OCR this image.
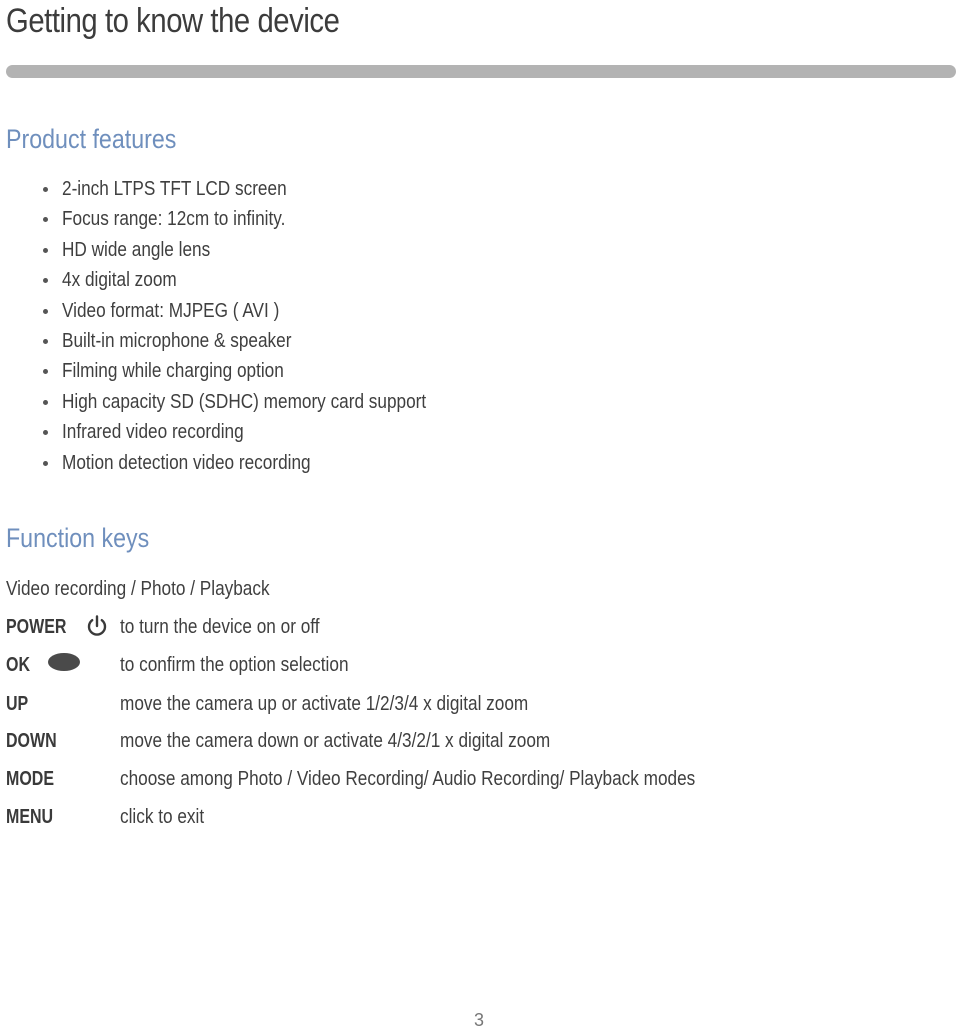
Getting to know the device
Product features
2-inch LTPS TFT LCD screen
Focus range: 12cm to infinity.
HD wide angle lens
4x digital zoom
Video format: MJPEG ( AVI )
Built-in microphone & speaker
Filming while charging option
High capacity SD (SDHC) memory card support
Infrared video recording
Motion detection video recording
Function keys
Video recording / Photo / Playback
POWER	to turn the device on or off
OK	to confirm the option selection
UP	move the camera up or activate 1/2/3/4 x digital zoom
DOWN	move the camera down or activate 4/3/2/1 x digital zoom
MODE	choose among Photo / Video Recording/ Audio Recording/ Playback modes
MENU	click to exit
3
